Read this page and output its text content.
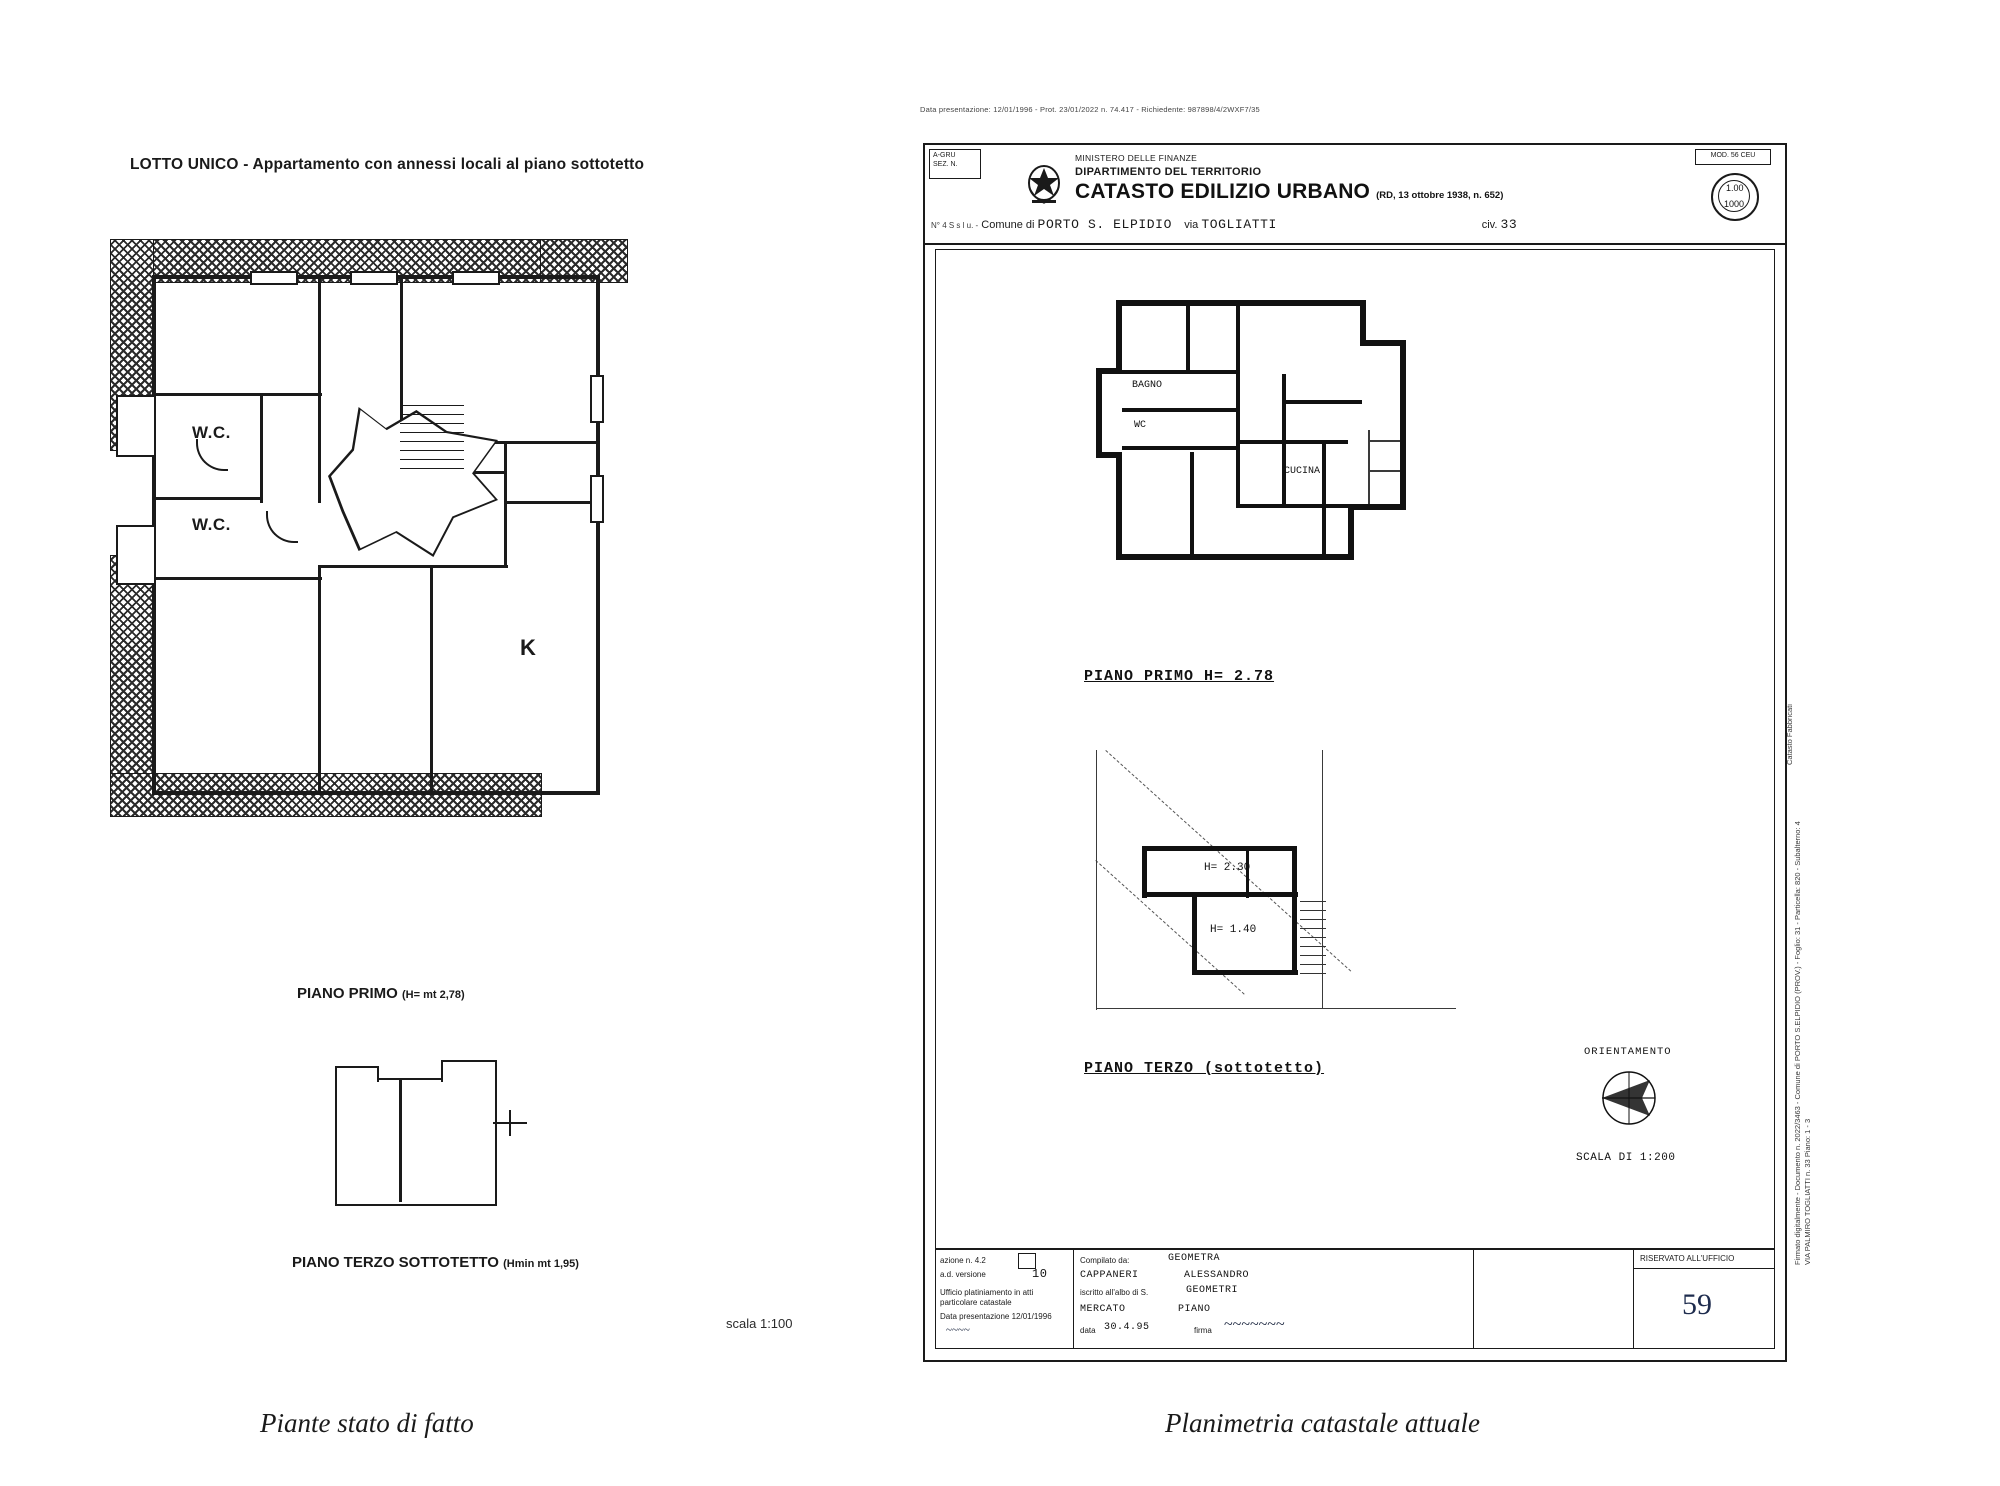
LOTTO UNICO - Appartamento con annessi locali al piano sottotetto
W.C.
W.C.
K
PIANO PRIMO (H= mt 2,78)
PIANO TERZO SOTTOTETTO (Hmin mt 1,95)
scala 1:100
Piante stato di fatto
Data presentazione: 12/01/1996 - Prot. 23/01/2022 n. 74.417 - Richiedente: 987898/4/2WXF7/35
A-GRU
SEZ. N.
MINISTERO DELLE FINANZE
DIPARTIMENTO DEL TERRITORIO
CATASTO EDILIZIO URBANO (RD, 13 ottobre 1938, n. 652)
MOD. 56 CEU
1.00
1000
N° 4 S s l u. - Comune di PORTO S. ELPIDIO via TOGLIATTI	civ. 33
BAGNO
WC
CUCINA
PIANO PRIMO H= 2.78
H= 2.30
H= 1.40
PIANO TERZO (sottotetto)
ORIENTAMENTO
SCALA DI 1:200
azione n. 4.2
a.d. versione	10
Ufficio platiniamento in atti
particolare catastale
Data presentazione 12/01/1996
~~~~
Compilato da:	GEOMETRA
CAPPANERI	ALESSANDRO
iscritto all'albo di S.	GEOMETRI
MERCATO	PIANO
data 30.4.95	firma ~~~~~~~
RISERVATO ALL'UFFICIO
59
Firmato digitalmente - Documento n. 2022/3463 - Comune di PORTO S.ELPIDIO (PROV.) - Foglio: 31 - Particella: 820 - Subalterno: 4 VIA PALMIRO TOGLIATTI n. 33 Piano: 1 - 3
Catasto Fabbricati
Planimetria catastale attuale
